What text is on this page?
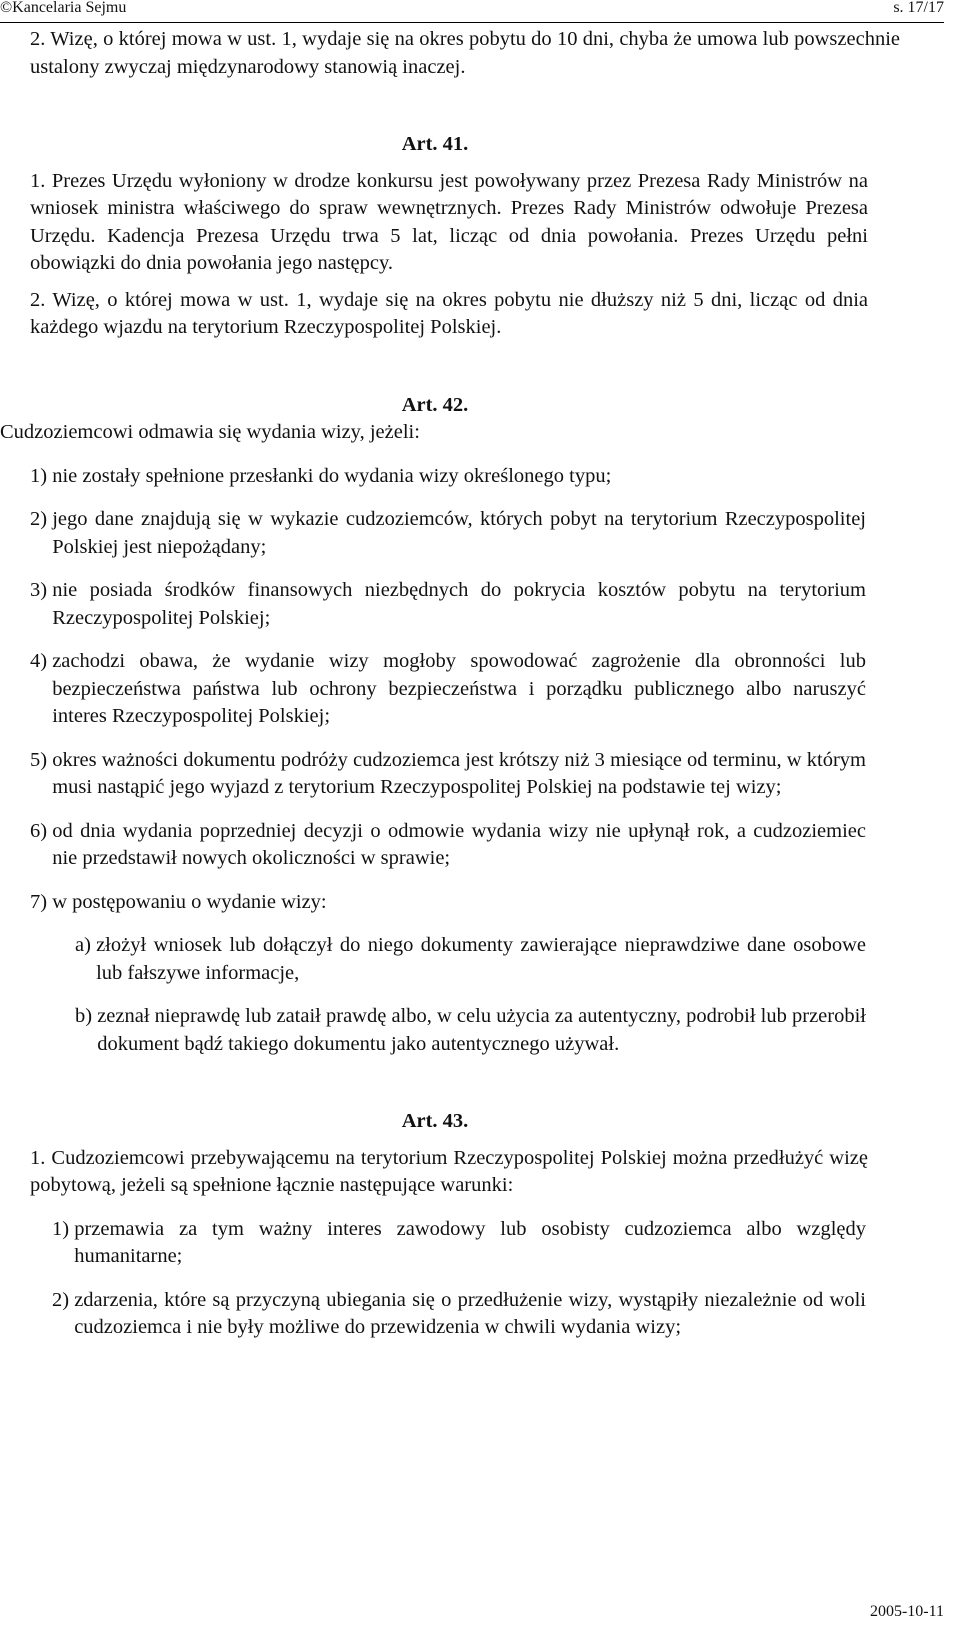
©Kancelaria Sejmu	s. 17/17

2. Wizę, o której mowa w ust. 1, wydaje się na okres pobytu do 10 dni, chyba że umowa lub powszechnie ustalony zwyczaj międzynarodowy stanowią inaczej.

Art. 41.

1. Prezes Urzędu wyłoniony w drodze konkursu jest powoływany przez Prezesa Rady Ministrów na wniosek ministra właściwego do spraw wewnętrznych. Prezes Rady Ministrów odwołuje Prezesa Urzędu. Kadencja Prezesa Urzędu trwa 5 lat, licząc od dnia powołania. Prezes Urzędu pełni obowiązki do dnia powołania jego następcy.

2. Wizę, o której mowa w ust. 1, wydaje się na okres pobytu nie dłuższy niż 5 dni, licząc od dnia każdego wjazdu na terytorium Rzeczypospolitej Polskiej.

Art. 42.

Cudzoziemcowi odmawia się wydania wizy, jeżeli:

1) nie zostały spełnione przesłanki do wydania wizy określonego typu;
2) jego dane znajdują się w wykazie cudzoziemców, których pobyt na terytorium Rzeczypospolitej Polskiej jest niepożądany;
3) nie posiada środków finansowych niezbędnych do pokrycia kosztów pobytu na terytorium Rzeczypospolitej Polskiej;
4) zachodzi obawa, że wydanie wizy mogłoby spowodować zagrożenie dla obronności lub bezpieczeństwa państwa lub ochrony bezpieczeństwa i porządku publicznego albo naruszyć interes Rzeczypospolitej Polskiej;
5) okres ważności dokumentu podróży cudzoziemca jest krótszy niż 3 miesiące od terminu, w którym musi nastąpić jego wyjazd z terytorium Rzeczypospolitej Polskiej na podstawie tej wizy;
6) od dnia wydania poprzedniej decyzji o odmowie wydania wizy nie upłynął rok, a cudzoziemiec nie przedstawił nowych okoliczności w sprawie;
7) w postępowaniu o wydanie wizy:
a) złożył wniosek lub dołączył do niego dokumenty zawierające nieprawdziwe dane osobowe lub fałszywe informacje,
b) zeznał nieprawdę lub zataił prawdę albo, w celu użycia za autentyczny, podrobił lub przerobił dokument bądź takiego dokumentu jako autentycznego używał.

Art. 43.

1. Cudzoziemcowi przebywającemu na terytorium Rzeczypospolitej Polskiej można przedłużyć wizę pobytową, jeżeli są spełnione łącznie następujące warunki:

1) przemawia za tym ważny interes zawodowy lub osobisty cudzoziemca albo względy humanitarne;
2) zdarzenia, które są przyczyną ubiegania się o przedłużenie wizy, wystąpiły niezależnie od woli cudzoziemca i nie były możliwe do przewidzenia w chwili wydania wizy;
2005-10-11
